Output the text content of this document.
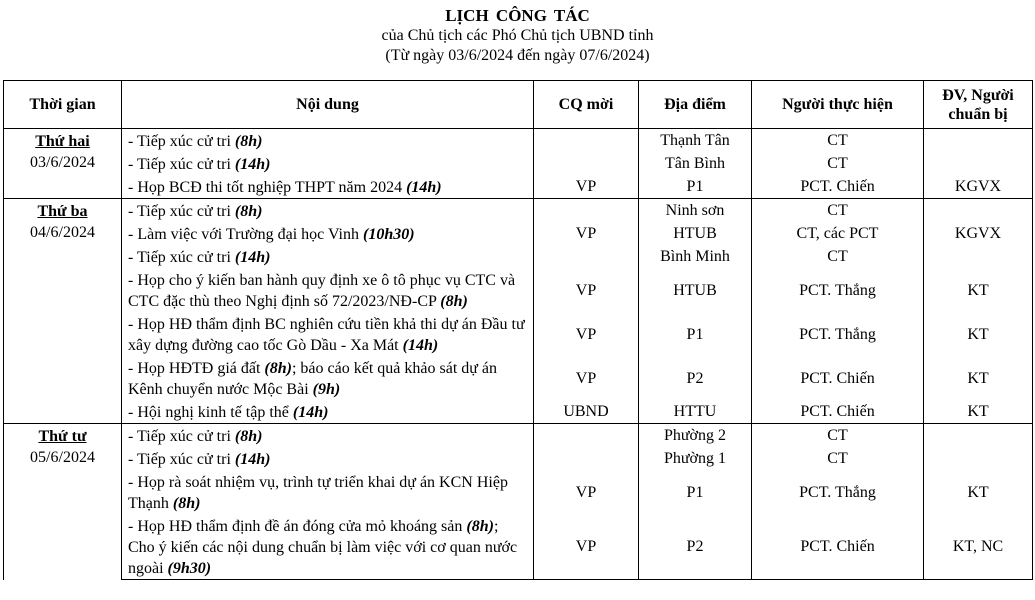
LỊCH CÔNG TÁC
của Chủ tịch các Phó Chủ tịch UBND tỉnh
(Từ ngày 03/6/2024 đến ngày 07/6/2024)
Thời gian	Nội dung	CQ mời	Địa điểm	Người thực hiện	ĐV, Người chuẩn bị

Thứ hai
03/6/2024	- Tiếp xúc cử tri (8h)		Thạnh Tân	CT	
	- Tiếp xúc cử tri (14h)		Tân Bình	CT	
	- Họp BCĐ thi tốt nghiệp THPT năm 2024 (14h)	VP	P1	PCT. Chiến	KGVX

Thứ ba
04/6/2024	- Tiếp xúc cử tri (8h)		Ninh sơn	CT	
	- Làm việc với Trường đại học Vinh (10h30)	VP	HTUB	CT, các PCT	KGVX
	- Tiếp xúc cử tri (14h)		Bình Minh	CT	
	- Họp cho ý kiến ban hành quy định xe ô tô phục vụ CTC và CTC đặc thù theo Nghị định số 72/2023/NĐ-CP (8h)	VP	HTUB	PCT. Thắng	KT
	- Họp HĐ thẩm định BC nghiên cứu tiền khả thi dự án Đầu tư xây dựng đường cao tốc Gò Dầu - Xa Mát (14h)	VP	P1	PCT. Thắng	KT
	- Họp HĐTĐ giá đất (8h); báo cáo kết quả khảo sát dự án Kênh chuyển nước Mộc Bài (9h)	VP	P2	PCT. Chiến	KT
	- Hội nghị kinh tế tập thể (14h)	UBND	HTTU	PCT. Chiến	KT

Thứ tư
05/6/2024	- Tiếp xúc cử tri (8h)		Phường 2	CT	
	- Tiếp xúc cử tri (14h)		Phường 1	CT	
	- Họp rà soát nhiệm vụ, trình tự triển khai dự án KCN Hiệp Thạnh (8h)	VP	P1	PCT. Thắng	KT
	- Họp HĐ thẩm định đề án đóng cửa mỏ khoáng sản (8h); Cho ý kiến các nội dung chuẩn bị làm việc với cơ quan nước ngoài (9h30)	VP	P2	PCT. Chiến	KT, NC
